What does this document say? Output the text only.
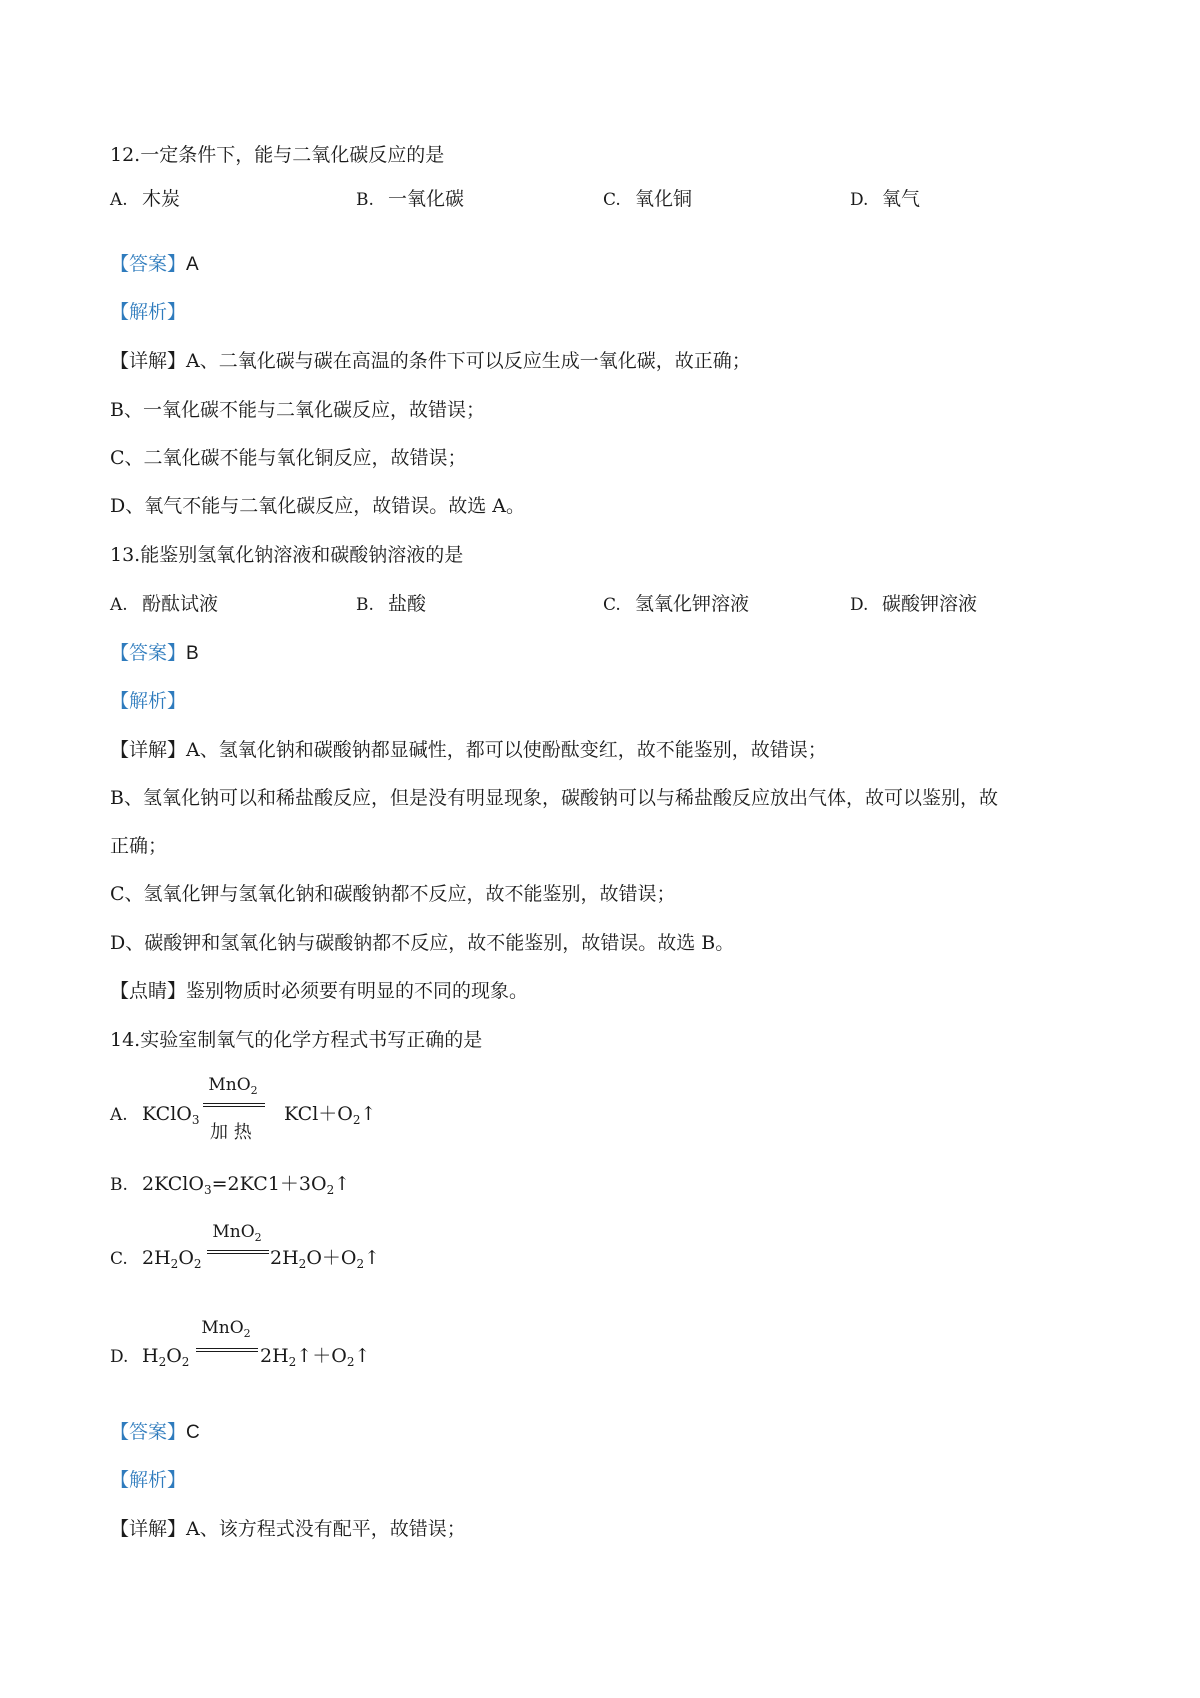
12.一定条件下，能与二氧化碳反应的是
A. 木炭	B. 一氧化碳	C. 氧化铜	D. 氧气
【答案】A
【解析】
【详解】A、二氧化碳与碳在高温的条件下可以反应生成一氧化碳，故正确；
B、一氧化碳不能与二氧化碳反应，故错误；
C、二氧化碳不能与氧化铜反应，故错误；
D、氧气不能与二氧化碳反应，故错误。故选 A。
13.能鉴别氢氧化钠溶液和碳酸钠溶液的是
A. 酚酞试液	B. 盐酸	C. 氢氧化钾溶液	D. 碳酸钾溶液
【答案】B
【解析】
【详解】A、氢氧化钠和碳酸钠都显碱性，都可以使酚酞变红，故不能鉴别，故错误；
B、氢氧化钠可以和稀盐酸反应，但是没有明显现象，碳酸钠可以与稀盐酸反应放出气体，故可以鉴别，故
正确；
C、氢氧化钾与氢氧化钠和碳酸钠都不反应，故不能鉴别，故错误；
D、碳酸钾和氢氧化钠与碳酸钠都不反应，故不能鉴别，故错误。故选 B。
【点睛】鉴别物质时必须要有明显的不同的现象。
14.实验室制氧气的化学方程式书写正确的是
A. KClO$_3$
MnO$_2$
加 热
$KCl+O_2↑$
B. $2KClO_3=2KC1+3O_2↑$
C. $2H_2O_2$
MnO$_2$
$2H_2O+O_2↑$
D. $H_2O_2$
MnO$_2$
$2H_2↑+O_2↑$
【答案】C
【解析】
【详解】A、该方程式没有配平，故错误；
